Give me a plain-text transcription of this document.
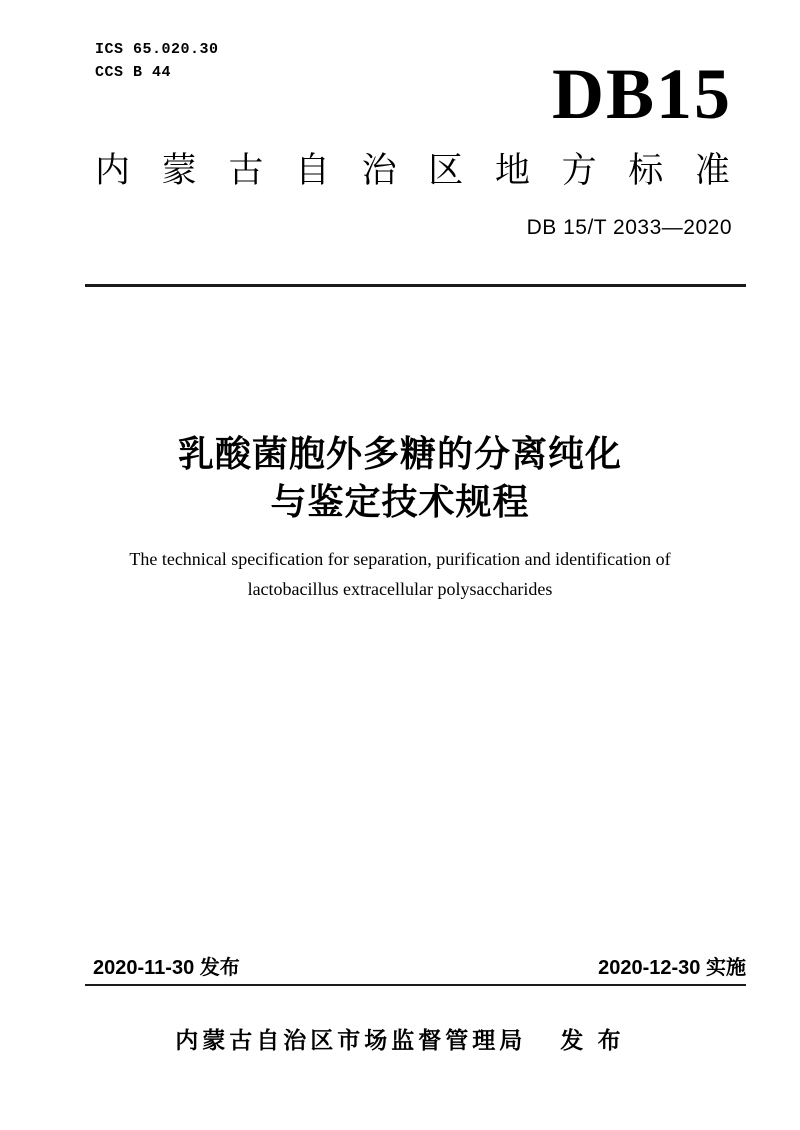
ICS 65.020.30
CCS B 44	DB15
内 蒙 古 自 治 区 地 方 标 准
DB 15/T 2033—2020
乳酸菌胞外多糖的分离纯化
与鉴定技术规程
The technical specification for separation, purification and identification of
lactobacillus extracellular polysaccharides
2020-11-30 发布	2020-12-30 实施
内蒙古自治区市场监督管理局 发 布
